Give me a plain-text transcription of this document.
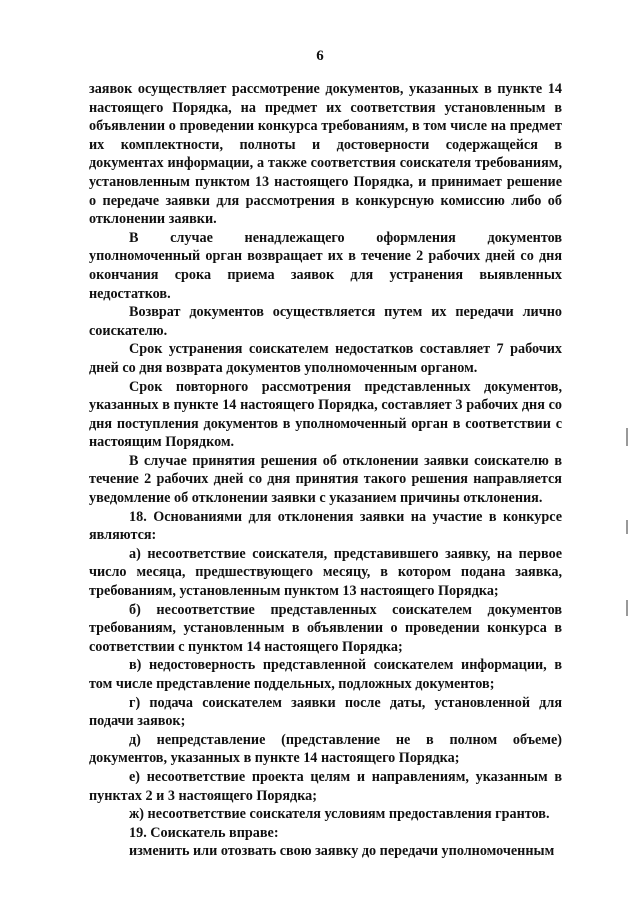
6

заявок осуществляет рассмотрение документов, указанных в пункте 14 настоящего Порядка, на предмет их соответствия установленным в объявлении о проведении конкурса требованиям, в том числе на предмет их комплектности, полноты и достоверности содержащейся в документах информации, а также соответствия соискателя требованиям, установленным пунктом 13 настоящего Порядка, и принимает решение о передаче заявки для рассмотрения в конкурсную комиссию либо об отклонении заявки.

В случае ненадлежащего оформления документов уполномоченный орган возвращает их в течение 2 рабочих дней со дня окончания срока приема заявок для устранения выявленных недостатков.

Возврат документов осуществляется путем их передачи лично соискателю.

Срок устранения соискателем недостатков составляет 7 рабочих дней со дня возврата документов уполномоченным органом.

Срок повторного рассмотрения представленных документов, указанных в пункте 14 настоящего Порядка, составляет 3 рабочих дня со дня поступления документов в уполномоченный орган в соответствии с настоящим Порядком.

В случае принятия решения об отклонении заявки соискателю в течение 2 рабочих дней со дня принятия такого решения направляется уведомление об отклонении заявки с указанием причины отклонения.

18. Основаниями для отклонения заявки на участие в конкурсе являются:

а) несоответствие соискателя, представившего заявку, на первое число месяца, предшествующего месяцу, в котором подана заявка, требованиям, установленным пунктом 13 настоящего Порядка;

б) несоответствие представленных соискателем документов требованиям, установленным в объявлении о проведении конкурса в соответствии с пунктом 14 настоящего Порядка;

в) недостоверность представленной соискателем информации, в том числе представление поддельных, подложных документов;

г) подача соискателем заявки после даты, установленной для подачи заявок;

д) непредставление (представление не в полном объеме) документов, указанных в пункте 14 настоящего Порядка;

е) несоответствие проекта целям и направлениям, указанным в пунктах 2 и 3 настоящего Порядка;

ж) несоответствие соискателя условиям предоставления грантов.

19. Соискатель вправе:

изменить или отозвать свою заявку до передачи уполномоченным
